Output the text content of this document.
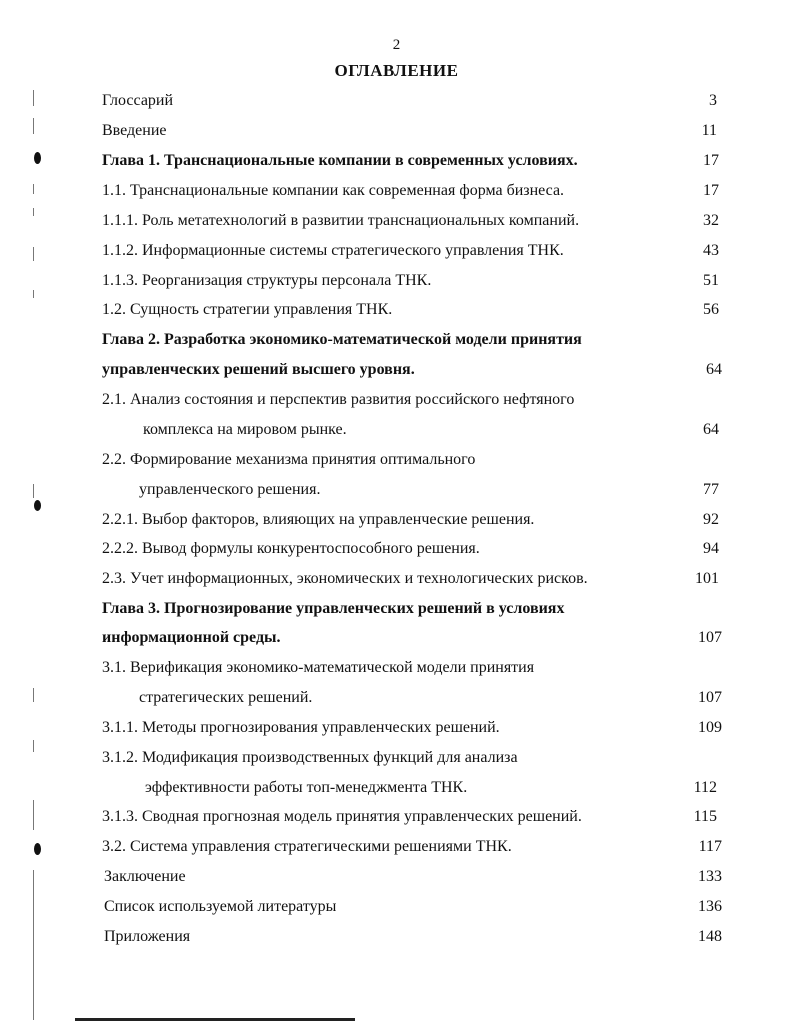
2
ОГЛАВЛЕНИЕ
Глоссарий	3
Введение	11
Глава 1. Транснациональные компании в современных условиях.	17
1.1. Транснациональные компании как современная форма бизнеса.	17
1.1.1. Роль метатехнологий в развитии транснациональных компаний.	32
1.1.2. Информационные системы стратегического управления ТНК.	43
1.1.3. Реорганизация структуры персонала ТНК.	51
1.2. Сущность стратегии управления ТНК.	56
Глава 2. Разработка экономико-математической модели принятия
управленческих решений высшего уровня.	64
2.1. Анализ состояния и перспектив развития российского нефтяного
комплекса на мировом рынке.	64
2.2. Формирование механизма принятия оптимального
управленческого решения.	77
2.2.1. Выбор факторов, влияющих на управленческие решения.	92
2.2.2. Вывод формулы конкурентоспособного решения.	94
2.3. Учет информационных, экономических и технологических рисков.	101
Глава 3. Прогнозирование управленческих решений в условиях
информационной среды.	107
3.1. Верификация экономико-математической модели принятия
стратегических решений.	107
3.1.1. Методы прогнозирования управленческих решений.	109
3.1.2. Модификация производственных функций для анализа
эффективности работы топ-менеджмента ТНК.	112
3.1.3. Сводная прогнозная модель принятия управленческих решений.	115
3.2. Система управления стратегическими решениями ТНК.	117
Заключение	133
Список используемой литературы	136
Приложения	148
